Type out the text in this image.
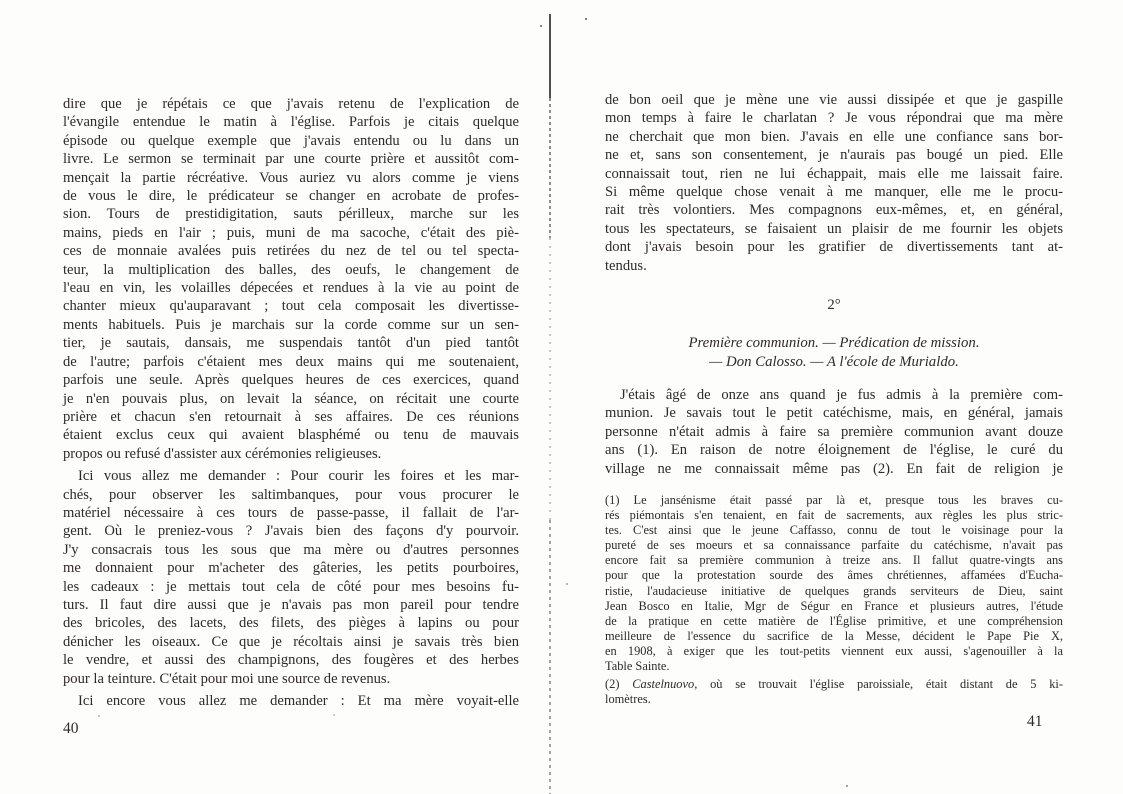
dire que je répétais ce que j'avais retenu de l'explication de
l'évangile entendue le matin à l'église. Parfois je citais quelque
épisode ou quelque exemple que j'avais entendu ou lu dans un
livre. Le sermon se terminait par une courte prière et aussitôt com-
mençait la partie récréative. Vous auriez vu alors comme je viens
de vous le dire, le prédicateur se changer en acrobate de profes-
sion. Tours de prestidigitation, sauts périlleux, marche sur les
mains, pieds en l'air ; puis, muni de ma sacoche, c'était des piè-
ces de monnaie avalées puis retirées du nez de tel ou tel specta-
teur, la multiplication des balles, des oeufs, le changement de
l'eau en vin, les volailles dépecées et rendues à la vie au point de
chanter mieux qu'auparavant ; tout cela composait les divertisse-
ments habituels. Puis je marchais sur la corde comme sur un sen-
tier, je sautais, dansais, me suspendais tantôt d'un pied tantôt
de l'autre; parfois c'étaient mes deux mains qui me soutenaient,
parfois une seule. Après quelques heures de ces exercices, quand
je n'en pouvais plus, on levait la séance, on récitait une courte
prière et chacun s'en retournait à ses affaires. De ces réunions
étaient exclus ceux qui avaient blasphémé ou tenu de mauvais
propos ou refusé d'assister aux cérémonies religieuses.
Ici vous allez me demander : Pour courir les foires et les mar-
chés, pour observer les saltimbanques, pour vous procurer le
matériel nécessaire à ces tours de passe-passe, il fallait de l'ar-
gent. Où le preniez-vous ? J'avais bien des façons d'y pourvoir.
J'y consacrais tous les sous que ma mère ou d'autres personnes
me donnaient pour m'acheter des gâteries, les petits pourboires,
les cadeaux : je mettais tout cela de côté pour mes besoins fu-
turs. Il faut dire aussi que je n'avais pas mon pareil pour tendre
des bricoles, des lacets, des filets, des pièges à lapins ou pour
dénicher les oiseaux. Ce que je récoltais ainsi je savais très bien
le vendre, et aussi des champignons, des fougères et des herbes
pour la teinture. C'était pour moi une source de revenus.
Ici encore vous allez me demander : Et ma mère voyait-elle
40
de bon oeil que je mène une vie aussi dissipée et que je gaspille
mon temps à faire le charlatan ? Je vous répondrai que ma mère
ne cherchait que mon bien. J'avais en elle une confiance sans bor-
ne et, sans son consentement, je n'aurais pas bougé un pied. Elle
connaissait tout, rien ne lui échappait, mais elle me laissait faire.
Si même quelque chose venait à me manquer, elle me le procu-
rait très volontiers. Mes compagnons eux-mêmes, et, en général,
tous les spectateurs, se faisaient un plaisir de me fournir les objets
dont j'avais besoin pour les gratifier de divertissements tant at-
tendus.
2°
Première communion. — Prédication de mission.
— Don Calosso. — A l'école de Murialdo.
J'étais âgé de onze ans quand je fus admis à la première com-
munion. Je savais tout le petit catéchisme, mais, en général, jamais
personne n'était admis à faire sa première communion avant douze
ans (1). En raison de notre éloignement de l'église, le curé du
village ne me connaissait même pas (2). En fait de religion je
(1) Le jansénisme était passé par là et, presque tous les braves cu-
rés piémontais s'en tenaient, en fait de sacrements, aux règles les plus stric-
tes. C'est ainsi que le jeune Caffasso, connu de tout le voisinage pour la
pureté de ses moeurs et sa connaissance parfaite du catéchisme, n'avait pas
encore fait sa première communion à treize ans. Il fallut quatre-vingts ans
pour que la protestation sourde des âmes chrétiennes, affamées d'Eucha-
ristie, l'audacieuse initiative de quelques grands serviteurs de Dieu, saint
Jean Bosco en Italie, Mgr de Ségur en France et plusieurs autres, l'étude
de la pratique en cette matière de l'Église primitive, et une compréhension
meilleure de l'essence du sacrifice de la Messe, décident le Pape Pie X,
en 1908, à exiger que les tout-petits viennent eux aussi, s'agenouiller à la
Table Sainte.
(2) Castelnuovo, où se trouvait l'église paroissiale, était distant de 5 ki-
lomètres.
41
